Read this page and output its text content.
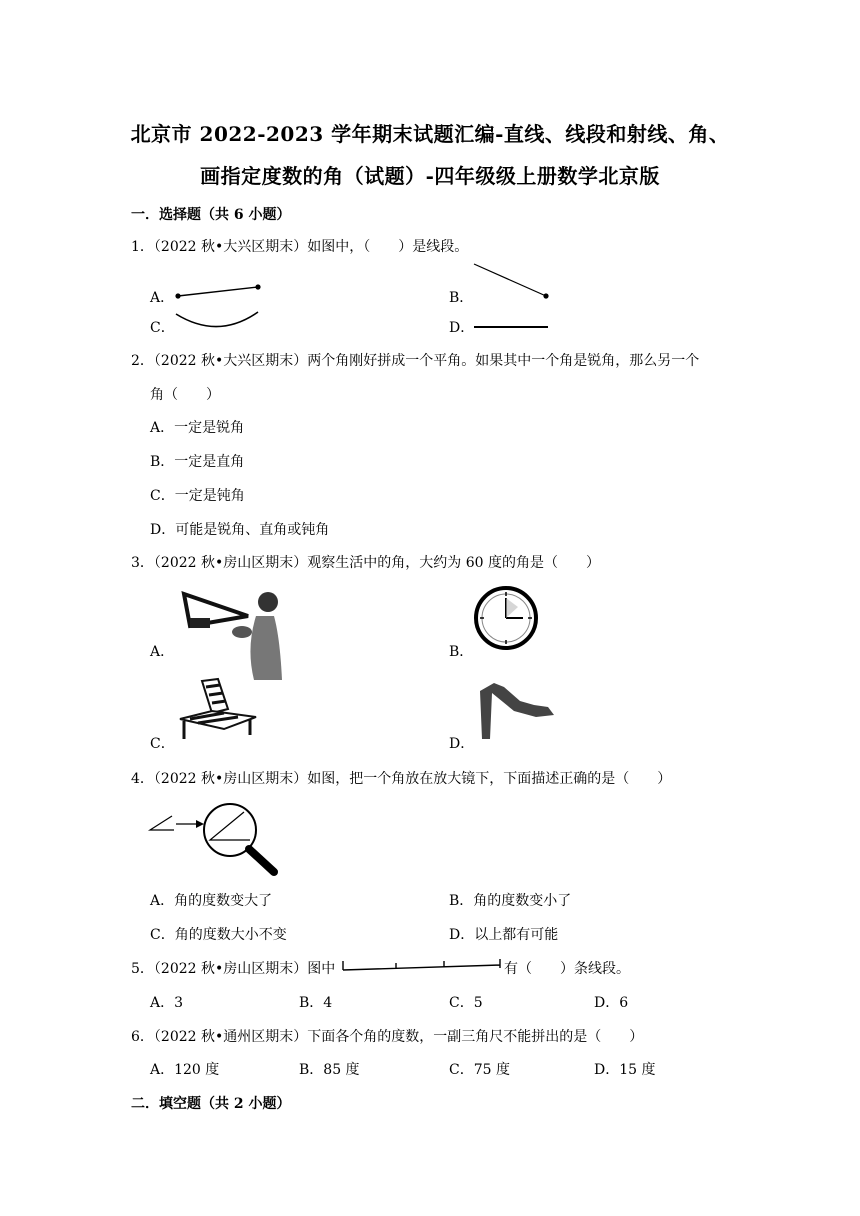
北京市 2022-2023 学年期末试题汇编-直线、线段和射线、角、
画指定度数的角（试题）-四年级级上册数学北京版
一．选择题（共 6 小题）
1．（2022 秋•大兴区期末）如图中，（　　）是线段。
A．	B．
C．	D．
2．（2022 秋•大兴区期末）两个角刚好拼成一个平角。如果其中一个角是锐角，那么另一个
角（　　）
A．一定是锐角
B．一定是直角
C．一定是钝角
D．可能是锐角、直角或钝角
3．（2022 秋•房山区期末）观察生活中的角，大约为 60 度的角是（　　）
A．	B．
C．	D．
4．（2022 秋•房山区期末）如图，把一个角放在放大镜下，下面描述正确的是（　　）
A．角的度数变大了	B．角的度数变小了
C．角的度数大小不变	D．以上都有可能
5．（2022 秋•房山区期末）图中	有（　　）条线段。
A．3	B．4	C．5	D．6
6．（2022 秋•通州区期末）下面各个角的度数，一副三角尺不能拼出的是（　　）
A．120 度	B．85 度	C．75 度	D．15 度
二．填空题（共 2 小题）
